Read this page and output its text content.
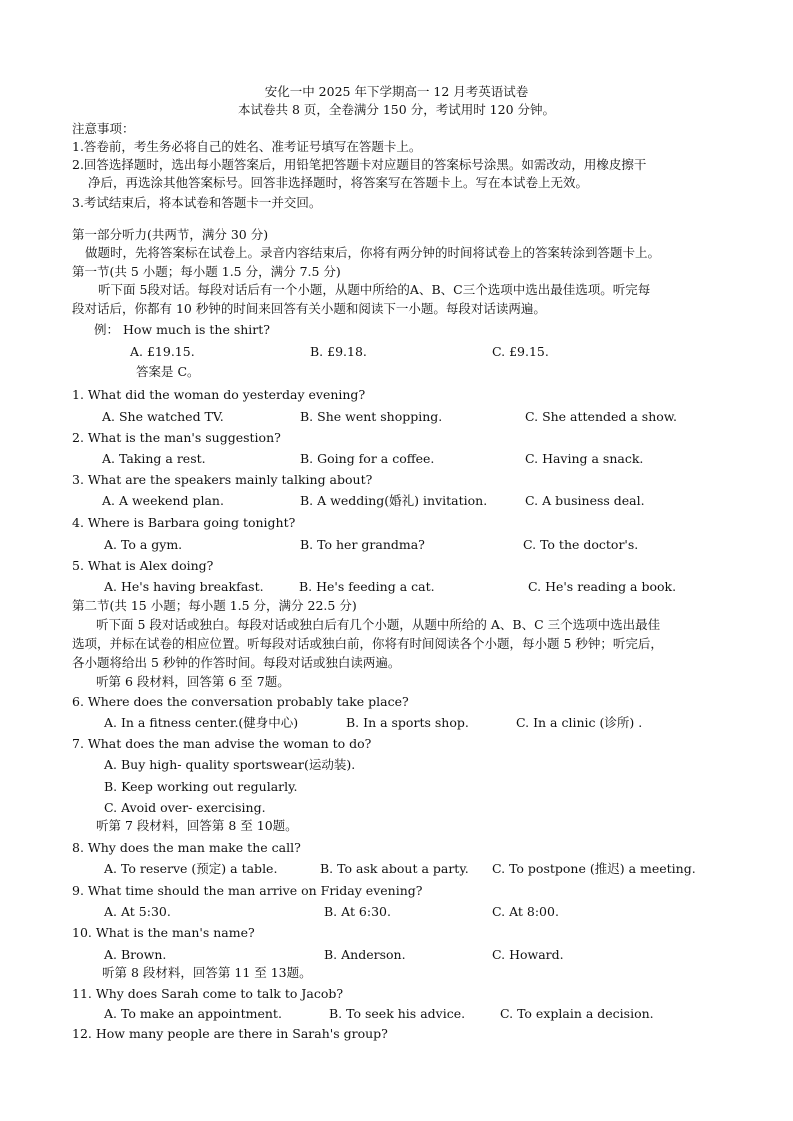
安化一中 2025 年下学期高一 12 月考英语试卷
本试卷共 8 页，全卷满分 150 分，考试用时 120 分钟。
注意事项：
1.答卷前，考生务必将自己的姓名、准考证号填写在答题卡上。
2.回答选择题时，选出每小题答案后，用铅笔把答题卡对应题目的答案标号涂黑。如需改动，用橡皮擦干
净后，再选涂其他答案标号。回答非选择题时，将答案写在答题卡上。写在本试卷上无效。
3.考试结束后，将本试卷和答题卡一并交回。
第一部分听力(共两节，满分 30 分)
做题时，先将答案标在试卷上。录音内容结束后，你将有两分钟的时间将试卷上的答案转涂到答题卡上。
第一节(共 5 小题；每小题 1.5 分，满分 7.5 分)
听下面 5段对话。每段对话后有一个小题，从题中所给的A、B、C三个选项中选出最佳选项。听完每
段对话后，你都有 10 秒钟的时间来回答有关小题和阅读下一小题。每段对话读两遍。
例： How much is the shirt?
A. £19.15.	B. £9.18.	C. £9.15.
答案是 C。
1. What did the woman do yesterday evening?
A. She watched TV.	B. She went shopping.	C. She attended a show.
2. What is the man's suggestion?
A. Taking a rest.	B. Going for a coffee.	C. Having a snack.
3. What are the speakers mainly talking about?
A. A weekend plan.	B. A wedding(婚礼) invitation.	C. A business deal.
4. Where is Barbara going tonight?
A. To a gym.	B. To her grandma?	C. To the doctor's.
5. What is Alex doing?
A. He's having breakfast.	B. He's feeding a cat.	C. He's reading a book.
第二节(共 15 小题；每小题 1.5 分，满分 22.5 分)
听下面 5 段对话或独白。每段对话或独白后有几个小题，从题中所给的 A、B、C 三个选项中选出最佳
选项，并标在试卷的相应位置。听每段对话或独白前，你将有时间阅读各个小题，每小题 5 秒钟；听完后，
各小题将给出 5 秒钟的作答时间。每段对话或独白读两遍。
听第 6 段材料，回答第 6 至 7题。
6. Where does the conversation probably take place?
A. In a fitness center.(健身中心)	B. In a sports shop.	C. In a clinic (诊所) .
7. What does the man advise the woman to do?
A. Buy high- quality sportswear(运动装).
B. Keep working out regularly.
C. Avoid over- exercising.
听第 7 段材料，回答第 8 至 10题。
8. Why does the man make the call?
A. To reserve (预定) a table.	B. To ask about a party. C. To postpone (推迟) a meeting.
9. What time should the man arrive on Friday evening?
A. At 5:30.	B. At 6:30.	C. At 8:00.
10. What is the man's name?
A. Brown.	B. Anderson.	C. Howard.
听第 8 段材料，回答第 11 至 13题。
11. Why does Sarah come to talk to Jacob?
A. To make an appointment.	B. To seek his advice.	C. To explain a decision.
12. How many people are there in Sarah's group?
